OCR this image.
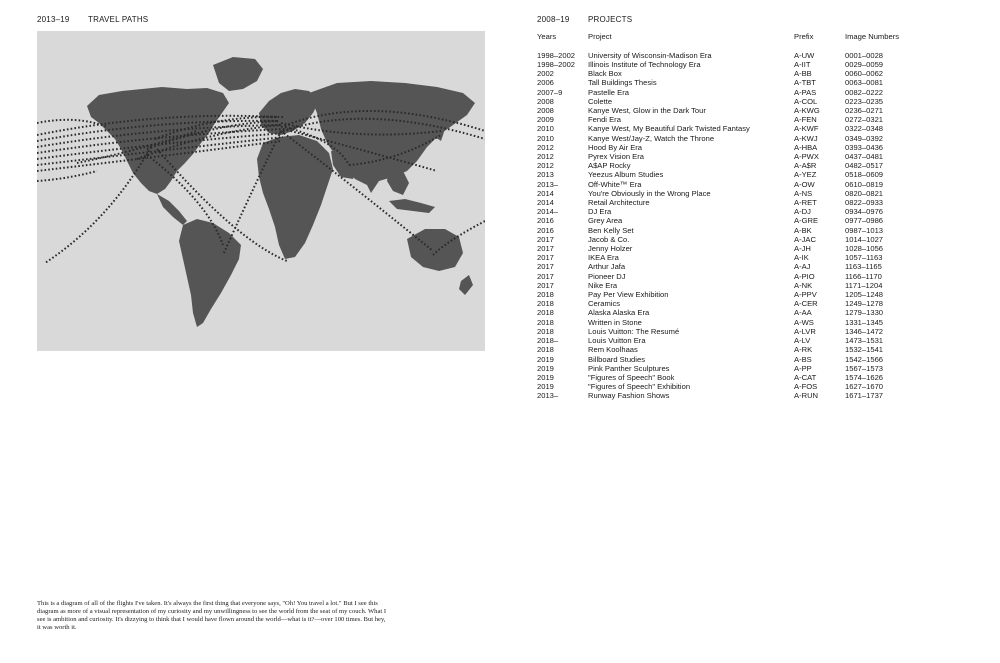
2013–19 TRAVEL PATHS	2008–19 PROJECTS
Years	Project	Prefix	Image Numbers
1998–2002	University of Wisconsin-Madison Era	A-UW	0001–0028
1998–2002	Illinois Institute of Technology Era	A-IIT	0029–0059
2002	Black Box	A-BB	0060–0062
2006	Tall Buildings Thesis	A-TBT	0063–0081
2007–9	Pastelle Era	A-PAS	0082–0222
2008	Colette	A-COL	0223–0235
2008	Kanye West, Glow in the Dark Tour	A-KWG	0236–0271
2009	Fendi Era	A-FEN	0272–0321
2010	Kanye West, My Beautiful Dark Twisted Fantasy	A-KWF	0322–0348
2010	Kanye West/Jay-Z, Watch the Throne	A-KWJ	0349–0392
2012	Hood By Air Era	A-HBA	0393–0436
2012	Pyrex Vision Era	A-PWX	0437–0481
2012	A$AP Rocky	A-A$R	0482–0517
2013	Yeezus Album Studies	A-YEZ	0518–0609
2013–	Off-White™ Era	A-OW	0610–0819
2014	You're Obviously in the Wrong Place	A-NS	0820–0821
2014	Retail Architecture	A-RET	0822–0933
2014–	DJ Era	A-DJ	0934–0976
2016	Grey Area	A-GRE	0977–0986
2016	Ben Kelly Set	A-BK	0987–1013
2017	Jacob & Co.	A-JAC	1014–1027
2017	Jenny Holzer	A-JH	1028–1056
2017	IKEA Era	A-IK	1057–1163
2017	Arthur Jafa	A-AJ	1163–1165
2017	Pioneer DJ	A-PIO	1166–1170
2017	Nike Era	A-NK	1171–1204
2018	Pay Per View Exhibition	A-PPV	1205–1248
2018	Ceramics	A-CER	1249–1278
2018	Alaska Alaska Era	A-AA	1279–1330
2018	Written in Stone	A-WS	1331–1345
2018	Louis Vuitton: The Resumé	A-LVR	1346–1472
2018–	Louis Vuitton Era	A-LV	1473–1531
2018	Rem Koolhaas	A-RK	1532–1541
2019	Billboard Studies	A-BS	1542–1566
2019	Pink Panther Sculptures	A-PP	1567–1573
2019	"Figures of Speech" Book	A-CAT	1574–1626
2019	"Figures of Speech" Exhibition	A-FOS	1627–1670
2013–	Runway Fashion Shows	A-RUN	1671–1737
This is a diagram of all of the flights I've taken. It's always the first thing that everyone says, "Oh! You travel a lot." But I see this diagram as more of a visual representation of my curiosity and my unwillingness to see the world from the seat of my couch. What I see is ambition and curiosity. It's dizzying to think that I would have flown around the world—what is it?—over 100 times. But hey, it was worth it.
